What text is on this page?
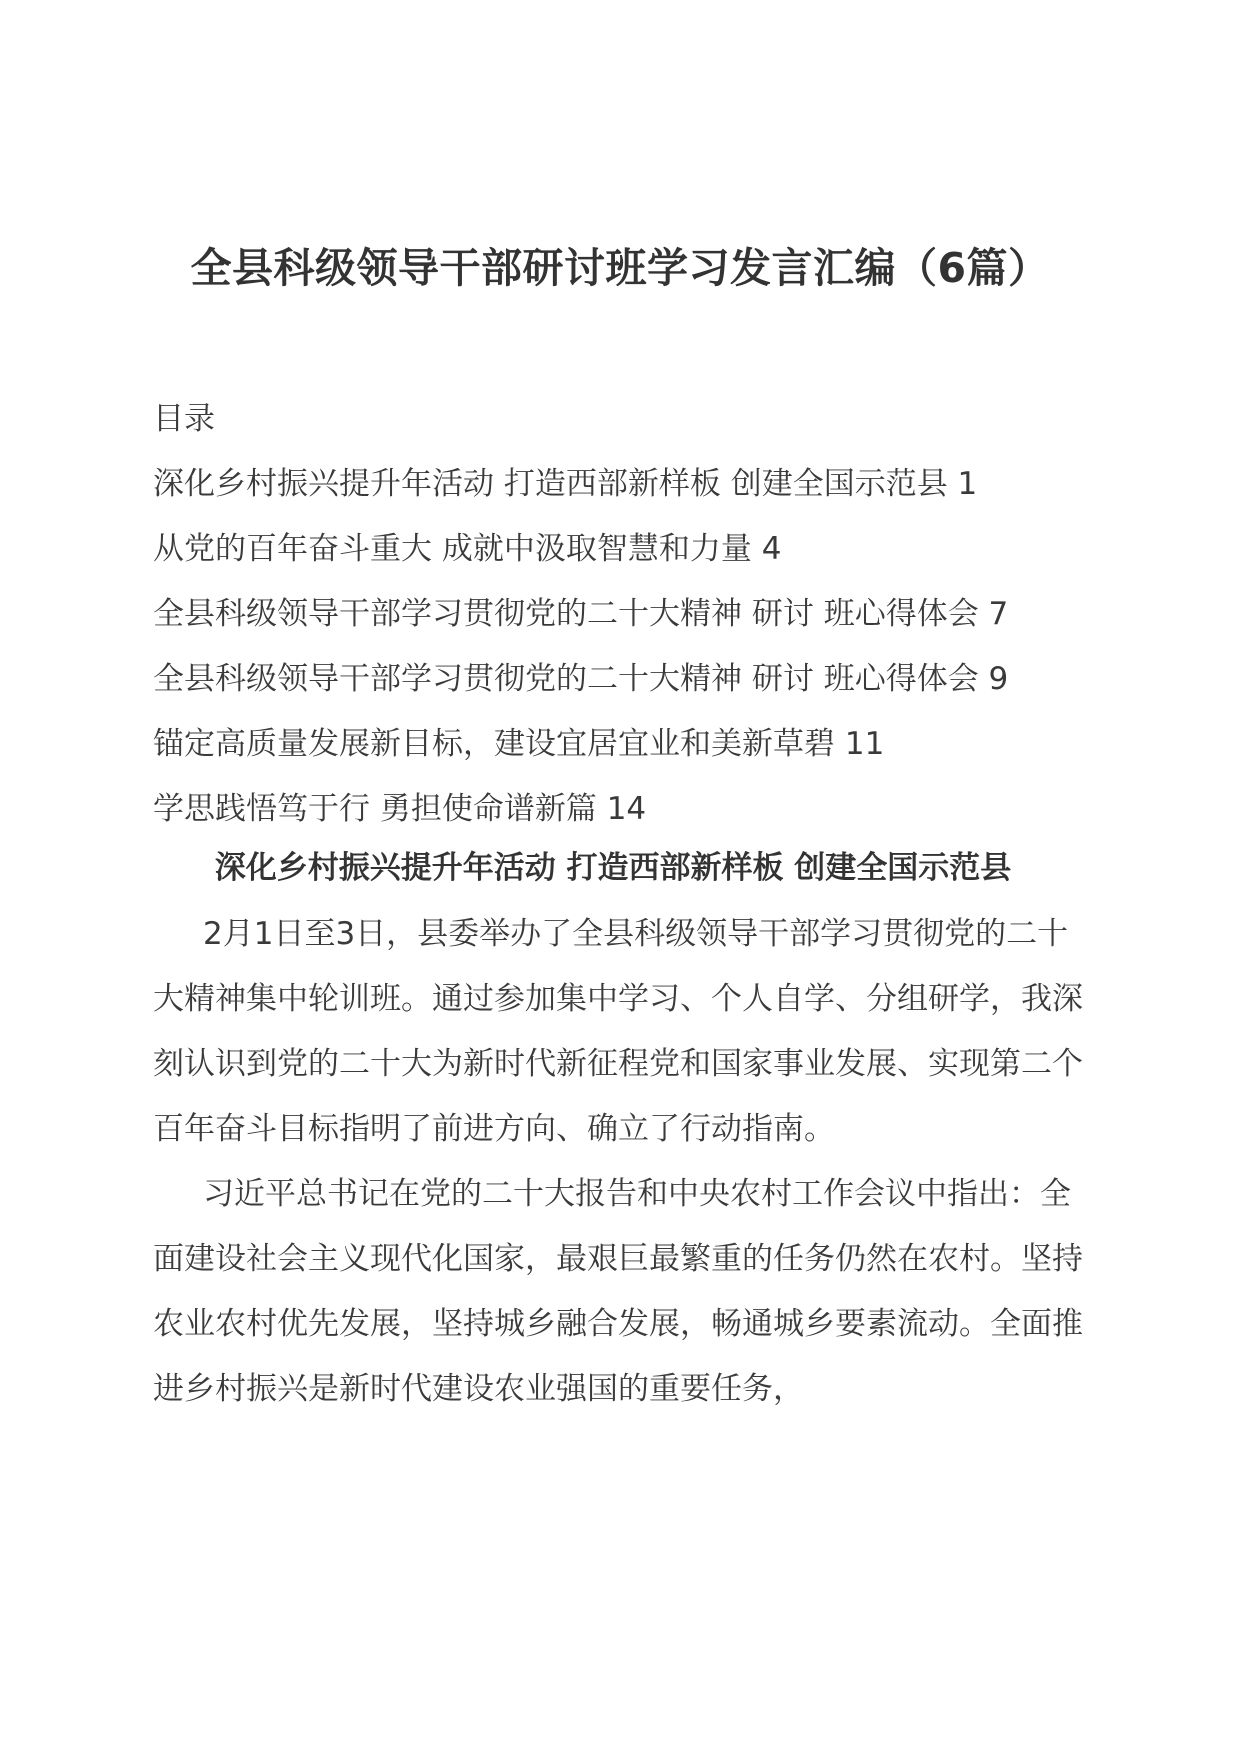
全县科级领导干部研讨班学习发言汇编（6篇）
目录
深化乡村振兴提升年活动 打造西部新样板 创建全国示范县 1
从党的百年奋斗重大 成就中汲取智慧和力量 4
全县科级领导干部学习贯彻党的二十大精神 研讨 班心得体会 7
全县科级领导干部学习贯彻党的二十大精神 研讨 班心得体会 9
锚定高质量发展新目标，建设宜居宜业和美新草碧 11
学思践悟笃于行 勇担使命谱新篇 14
深化乡村振兴提升年活动 打造西部新样板 创建全国示范县

2月1日至3日，县委举办了全县科级领导干部学习贯彻党的二十大精神集中轮训班。通过参加集中学习、个人自学、分组研学，我深刻认识到党的二十大为新时代新征程党和国家事业发展、实现第二个百年奋斗目标指明了前进方向、确立了行动指南。

习近平总书记在党的二十大报告和中央农村工作会议中指出：全面建设社会主义现代化国家，最艰巨最繁重的任务仍然在农村。坚持农业农村优先发展，坚持城乡融合发展，畅通城乡要素流动。全面推进乡村振兴是新时代建设农业强国的重要任务，
